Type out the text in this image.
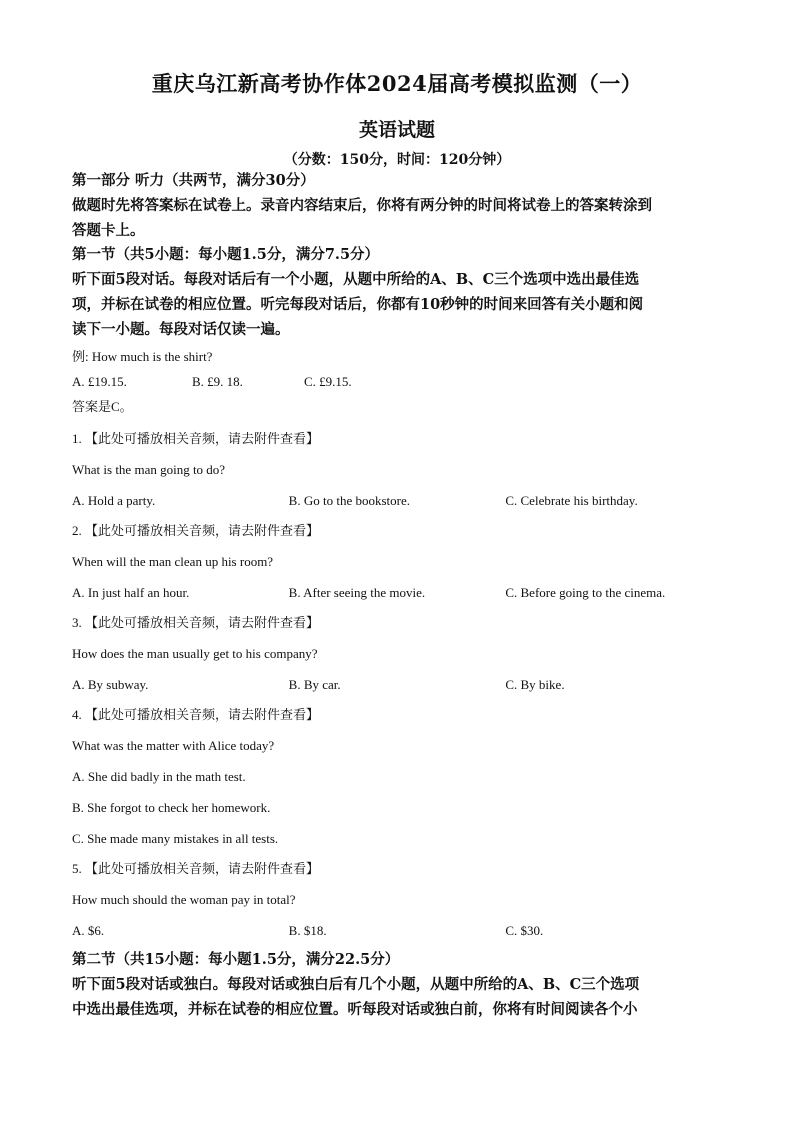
重庆乌江新高考协作体2024届高考模拟监测（一）
英语试题
（分数：150分，时间：120分钟）

第一部分 听力（共两节，满分30分）

做题时先将答案标在试卷上。录音内容结束后，你将有两分钟的时间将试卷上的答案转涂到

答题卡上。

第一节（共5小题：每小题1.5分，满分7.5分）

听下面5段对话。每段对话后有一个小题，从题中所给的A、B、C三个选项中选出最佳选

项，并标在试卷的相应位置。听完每段对话后，你都有10秒钟的时间来回答有关小题和阅

读下一小题。每段对话仅读一遍。

例: How much is the shirt?

A. £19.15.	B. £9. 18.	C. £9.15.

答案是C。

1. 【此处可播放相关音频，请去附件查看】

What is the man going to do?

A. Hold a party.	B. Go to the bookstore.	C. Celebrate his birthday.

2. 【此处可播放相关音频，请去附件查看】

When will the man clean up his room?

A. In just half an hour.	B. After seeing the movie.	C. Before going to the cinema.

3. 【此处可播放相关音频，请去附件查看】

How does the man usually get to his company?

A. By subway.	B. By car.	C. By bike.

4. 【此处可播放相关音频，请去附件查看】

What was the matter with Alice today?

A. She did badly in the math test.

B. She forgot to check her homework.

C. She made many mistakes in all tests.

5. 【此处可播放相关音频，请去附件查看】

How much should the woman pay in total?

A. $6.	B. $18.	C. $30.

第二节（共15小题：每小题1.5分，满分22.5分）

听下面5段对话或独白。每段对话或独白后有几个小题，从题中所给的A、B、C三个选项

中选出最佳选项，并标在试卷的相应位置。听每段对话或独白前，你将有时间阅读各个小
